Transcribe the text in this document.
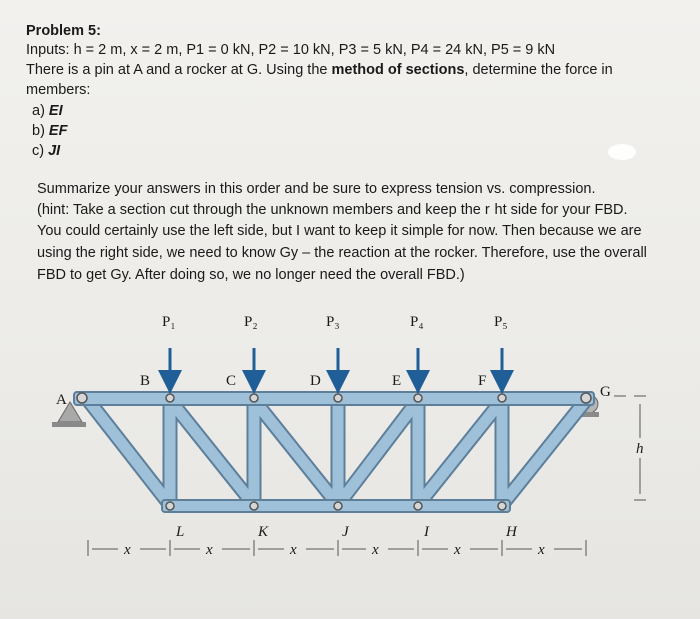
Problem 5:
Inputs: h = 2 m, x = 2 m, P1 = 0 kN, P2 = 10 kN, P3 = 5 kN, P4 = 24 kN, P5 = 9 kN
There is a pin at A and a rocker at G. Using the method of sections, determine the force in
members:
a) EI
b) EF
c) JI
Summarize your answers in this order and be sure to express tension vs. compression.
(hint: Take a section cut through the unknown members and keep the r  ht side for your FBD.
You could certainly use the left side, but I want to keep it simple for now. Then because we are
using the right side, we need to know Gy – the reaction at the rocker. Therefore, use the overall
FBD to get Gy. After doing so, we no longer need the overall FBD.)
P₁	P₂	P₃	P₄	P₅
A
B	C	D	E	F
G
L	K	J	I	H
h
x	x	x	x	x	x
